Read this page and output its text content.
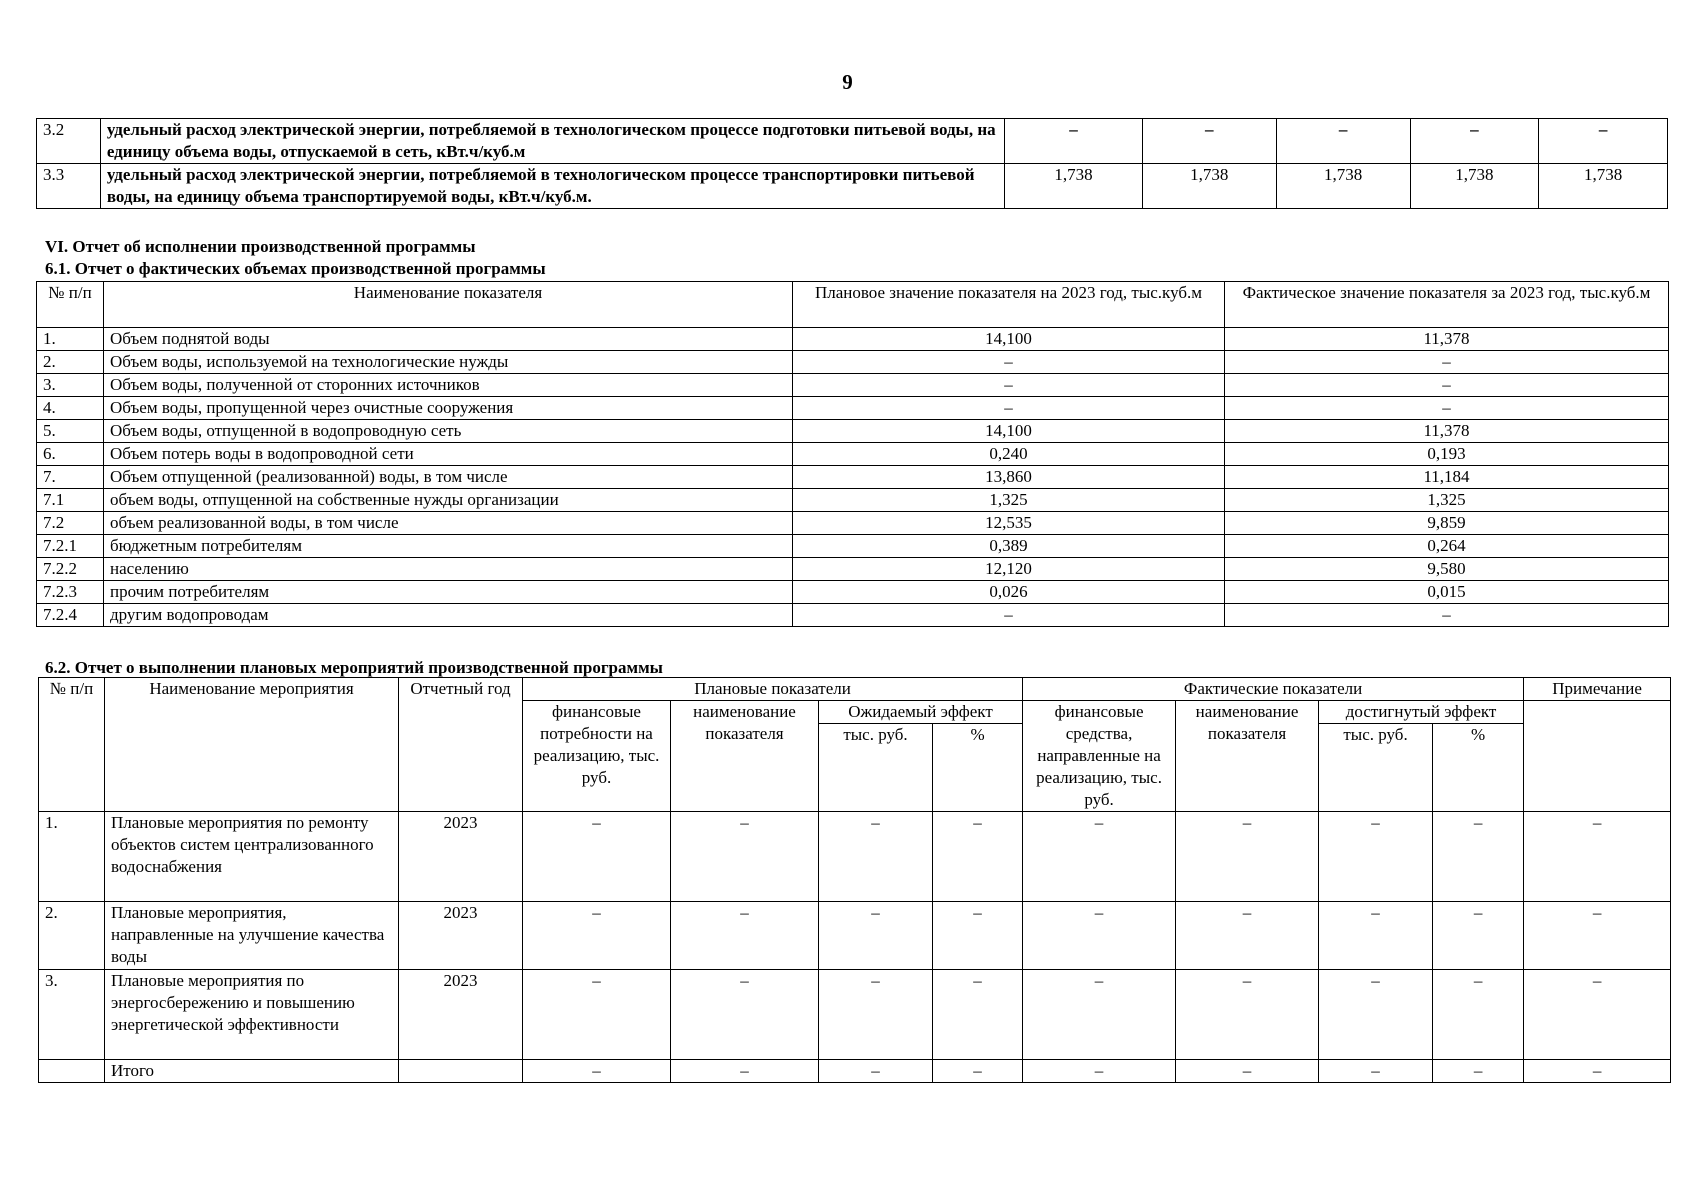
9
3.2	удельный расход электрической энергии, потребляемой в технологическом процессе подготовки питьевой воды, на единицу объема воды, отпускаемой в сеть, кВт.ч/куб.м	–	–	–	–	–
3.3	удельный расход электрической энергии, потребляемой в технологическом процессе транспортировки питьевой воды, на единицу объема транспортируемой воды, кВт.ч/куб.м.	1,738	1,738	1,738	1,738	1,738
VI. Отчет об исполнении производственной программы
6.1. Отчет о фактических объемах производственной программы
№ п/п	Наименование показателя	Плановое значение показателя на 2023 год, тыс.куб.м	Фактическое значение показателя за 2023 год, тыс.куб.м
1.	Объем поднятой воды	14,100	11,378
2.	Объем воды, используемой на технологические нужды	–	–
3.	Объем воды, полученной от сторонних источников	–	–
4.	Объем воды, пропущенной через очистные сооружения	–	–
5.	Объем воды, отпущенной в водопроводную сеть	14,100	11,378
6.	Объем потерь воды в водопроводной сети	0,240	0,193
7.	Объем отпущенной (реализованной) воды, в том числе	13,860	11,184
7.1	объем воды, отпущенной на собственные нужды организации	1,325	1,325
7.2	объем реализованной воды, в том числе	12,535	9,859
7.2.1	бюджетным потребителям	0,389	0,264
7.2.2	населению	12,120	9,580
7.2.3	прочим потребителям	0,026	0,015
7.2.4	другим водопроводам	–	–
6.2. Отчет о выполнении плановых мероприятий производственной программы
№ п/п	Наименование мероприятия	Отчетный год	Плановые показатели				Фактические показатели				Примечание
			финансовые потребности на реализацию, тыс. руб.	наименование показателя	Ожидаемый эффект		финансовые средства, направленные на реализацию, тыс. руб.	наименование показателя	достигнутый эффект		
					тыс. руб.	%			тыс. руб.	%	
1.	Плановые мероприятия по ремонту объектов систем централизованного водоснабжения	2023	–	–	–	–	–	–	–	–	–
2.	Плановые мероприятия, направленные на улучшение качества воды	2023	–	–	–	–	–	–	–	–	–
3.	Плановые мероприятия по энергосбережению и повышению энергетической эффективности	2023	–	–	–	–	–	–	–	–	–
	Итого		–	–	–	–	–	–	–	–	–
